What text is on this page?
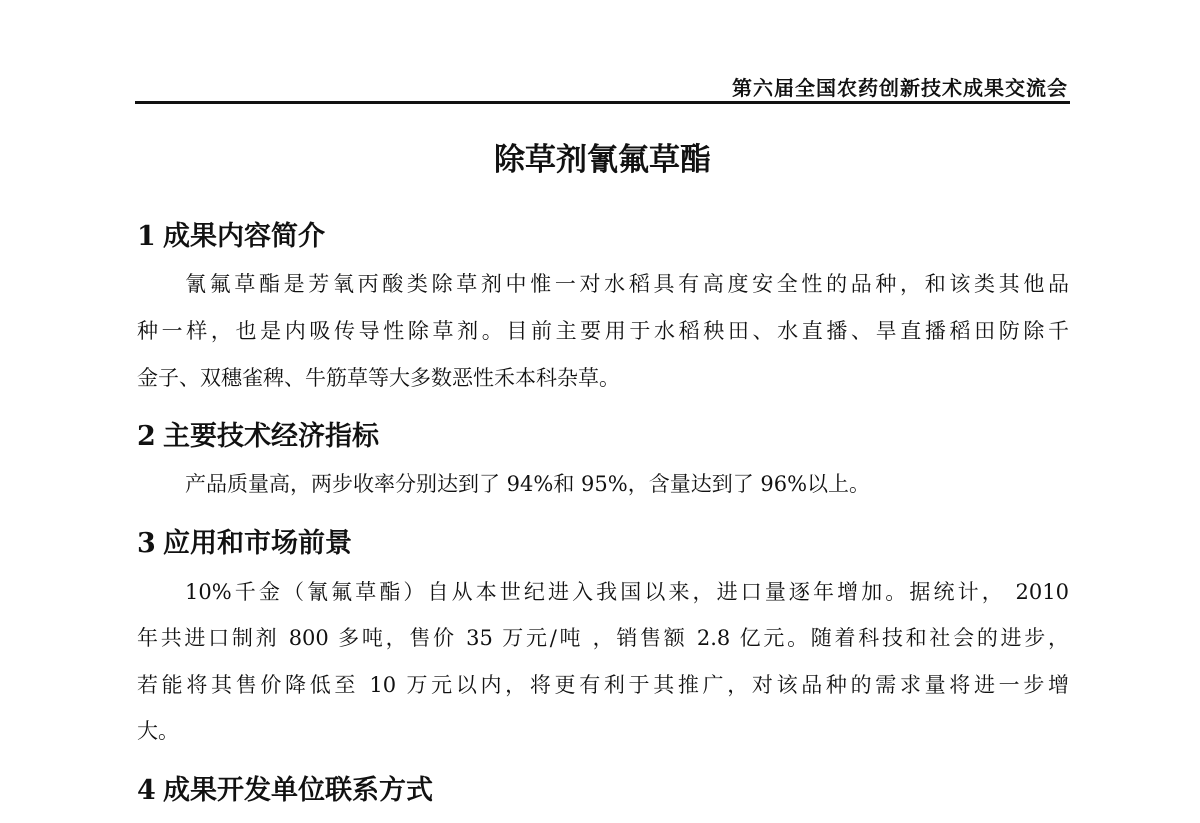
第六届全国农药创新技术成果交流会
除草剂氰氟草酯
1 成果内容简介
氰氟草酯是芳氧丙酸类除草剂中惟一对水稻具有高度安全性的品种，和该类其他品
种一样，也是内吸传导性除草剂。目前主要用于水稻秧田、水直播、旱直播稻田防除千
金子、双穗雀稗、牛筋草等大多数恶性禾本科杂草。
2 主要技术经济指标
产品质量高，两步收率分别达到了 94%和 95%，含量达到了 96%以上。
3 应用和市场前景
10%千金（氰氟草酯）自从本世纪进入我国以来，进口量逐年增加。据统计， 2010
年共进口制剂 800 多吨，售价 35 万元/吨 ，销售额 2.8 亿元。随着科技和社会的进步，
若能将其售价降低至 10 万元以内，将更有利于其推广，对该品种的需求量将进一步增
大。
4 成果开发单位联系方式
